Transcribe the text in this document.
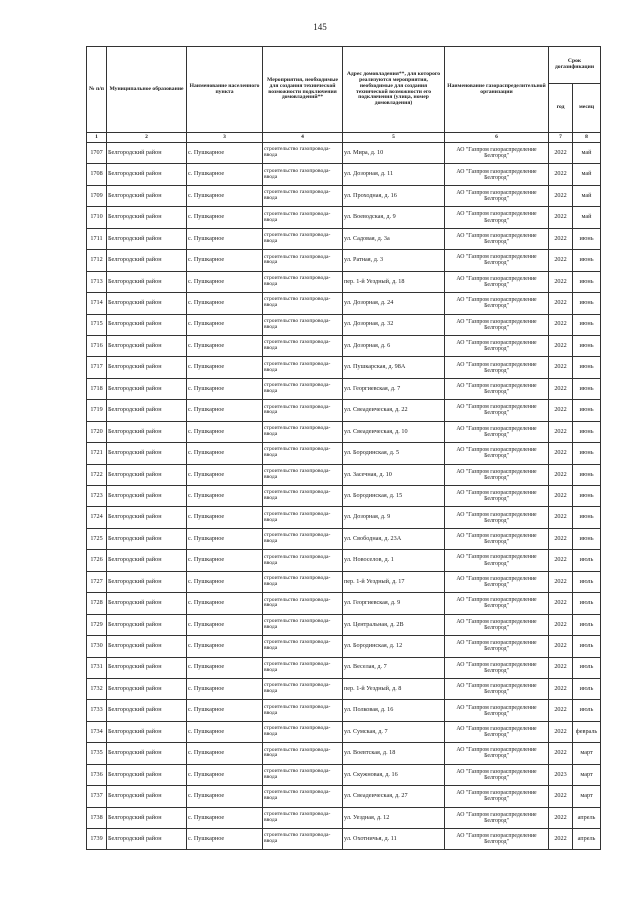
145
№ п/п	Муниципальное образование	Наименование населенного пункта	Мероприятия, необходимые для создания технической возможности подключения домовладений**	Адрес домовладения**, для которого реализуются мероприятия, необходимые для создания технической возможности его подключения (улица, номер домовладения)	Наименование газораспределительной организации	Срок догазификации	
						год	месяц
1	2	3	4	5	6	7	8
1707	Белгородский район	с. Пушкарное	строительство газопровода-ввода	ул. Мира, д. 10	АО "Газпром газораспределение Белгород"	2022	май
1708	Белгородский район	с. Пушкарное	строительство газопровода-ввода	ул. Дозорная, д. 11	АО "Газпром газораспределение Белгород"	2022	май
1709	Белгородский район	с. Пушкарное	строительство газопровода-ввода	ул. Проходная, д. 16	АО "Газпром газораспределение Белгород"	2022	май
1710	Белгородский район	с. Пушкарное	строительство газопровода-ввода	ул. Воеводская, д. 9	АО "Газпром газораспределение Белгород"	2022	май
1711	Белгородский район	с. Пушкарное	строительство газопровода-ввода	ул. Садовая, д. 3а	АО "Газпром газораспределение Белгород"	2022	июнь
1712	Белгородский район	с. Пушкарное	строительство газопровода-ввода	ул. Ратная, д. 3	АО "Газпром газораспределение Белгород"	2022	июнь
1713	Белгородский район	с. Пушкарное	строительство газопровода-ввода	пер. 1-й Уездный, д. 18	АО "Газпром газораспределение Белгород"	2022	июнь
1714	Белгородский район	с. Пушкарное	строительство газопровода-ввода	ул. Дозорная, д. 24	АО "Газпром газораспределение Белгород"	2022	июнь
1715	Белгородский район	с. Пушкарное	строительство газопровода-ввода	ул. Дозорная, д. 32	АО "Газпром газораспределение Белгород"	2022	июнь
1716	Белгородский район	с. Пушкарное	строительство газопровода-ввода	ул. Дозорная, д. 6	АО "Газпром газораспределение Белгород"	2022	июнь
1717	Белгородский район	с. Пушкарное	строительство газопровода-ввода	ул. Пушкарская, д. 98А	АО "Газпром газораспределение Белгород"	2022	июнь
1718	Белгородский район	с. Пушкарное	строительство газопровода-ввода	ул. Георгиевская, д. 7	АО "Газпром газораспределение Белгород"	2022	июнь
1719	Белгородский район	с. Пушкарное	строительство газопровода-ввода	ул. Свеадеическая, д. 22	АО "Газпром газораспределение Белгород"	2022	июнь
1720	Белгородский район	с. Пушкарное	строительство газопровода-ввода	ул. Свеадеическая, д. 10	АО "Газпром газораспределение Белгород"	2022	июнь
1721	Белгородский район	с. Пушкарное	строительство газопровода-ввода	ул. Бородинская, д. 5	АО "Газпром газораспределение Белгород"	2022	июнь
1722	Белгородский район	с. Пушкарное	строительство газопровода-ввода	ул. Засечная, д. 10	АО "Газпром газораспределение Белгород"	2022	июнь
1723	Белгородский район	с. Пушкарное	строительство газопровода-ввода	ул. Бородинская, д. 15	АО "Газпром газораспределение Белгород"	2022	июнь
1724	Белгородский район	с. Пушкарное	строительство газопровода-ввода	ул. Дозорная, д. 9	АО "Газпром газораспределение Белгород"	2022	июнь
1725	Белгородский район	с. Пушкарное	строительство газопровода-ввода	ул. Свободная, д. 23А	АО "Газпром газораспределение Белгород"	2022	июнь
1726	Белгородский район	с. Пушкарное	строительство газопровода-ввода	ул. Новоселов, д. 1	АО "Газпром газораспределение Белгород"	2022	июль
1727	Белгородский район	с. Пушкарное	строительство газопровода-ввода	пер. 1-й Уездный, д. 17	АО "Газпром газораспределение Белгород"	2022	июль
1728	Белгородский район	с. Пушкарное	строительство газопровода-ввода	ул. Георгиевская, д. 9	АО "Газпром газораспределение Белгород"	2022	июль
1729	Белгородский район	с. Пушкарное	строительство газопровода-ввода	ул. Центральная, д. 2В	АО "Газпром газораспределение Белгород"	2022	июль
1730	Белгородский район	с. Пушкарное	строительство газопровода-ввода	ул. Бородинская, д. 12	АО "Газпром газораспределение Белгород"	2022	июль
1731	Белгородский район	с. Пушкарное	строительство газопровода-ввода	ул. Веселая, д. 7	АО "Газпром газораспределение Белгород"	2022	июль
1732	Белгородский район	с. Пушкарное	строительство газопровода-ввода	пер. 1-й Уездный, д. 8	АО "Газпром газораспределение Белгород"	2022	июль
1733	Белгородский район	с. Пушкарное	строительство газопровода-ввода	ул. Полковая, д. 16	АО "Газпром газораспределение Белгород"	2022	июль
1734	Белгородский район	с. Пушкарное	строительство газопровода-ввода	ул. Сумская, д. 7	АО "Газпром газораспределение Белгород"	2022	февраль
1735	Белгородский район	с. Пушкарное	строительство газопровода-ввода	ул. Воевтская, д. 18	АО "Газпром газораспределение Белгород"	2022	март
1736	Белгородский район	с. Пушкарное	строительство газопровода-ввода	ул. Скужновая, д. 16	АО "Газпром газораспределение Белгород"	2023	март
1737	Белгородский район	с. Пушкарное	строительство газопровода-ввода	ул. Свеадеическая, д. 27	АО "Газпром газораспределение Белгород"	2022	март
1738	Белгородский район	с. Пушкарное	строительство газопровода-ввода	ул. Уездная, д. 12	АО "Газпром газораспределение Белгород"	2022	апрель
1739	Белгородский район	с. Пушкарное	строительство газопровода-ввода	ул. Охотничья, д. 11	АО "Газпром газораспределение Белгород"	2022	апрель
